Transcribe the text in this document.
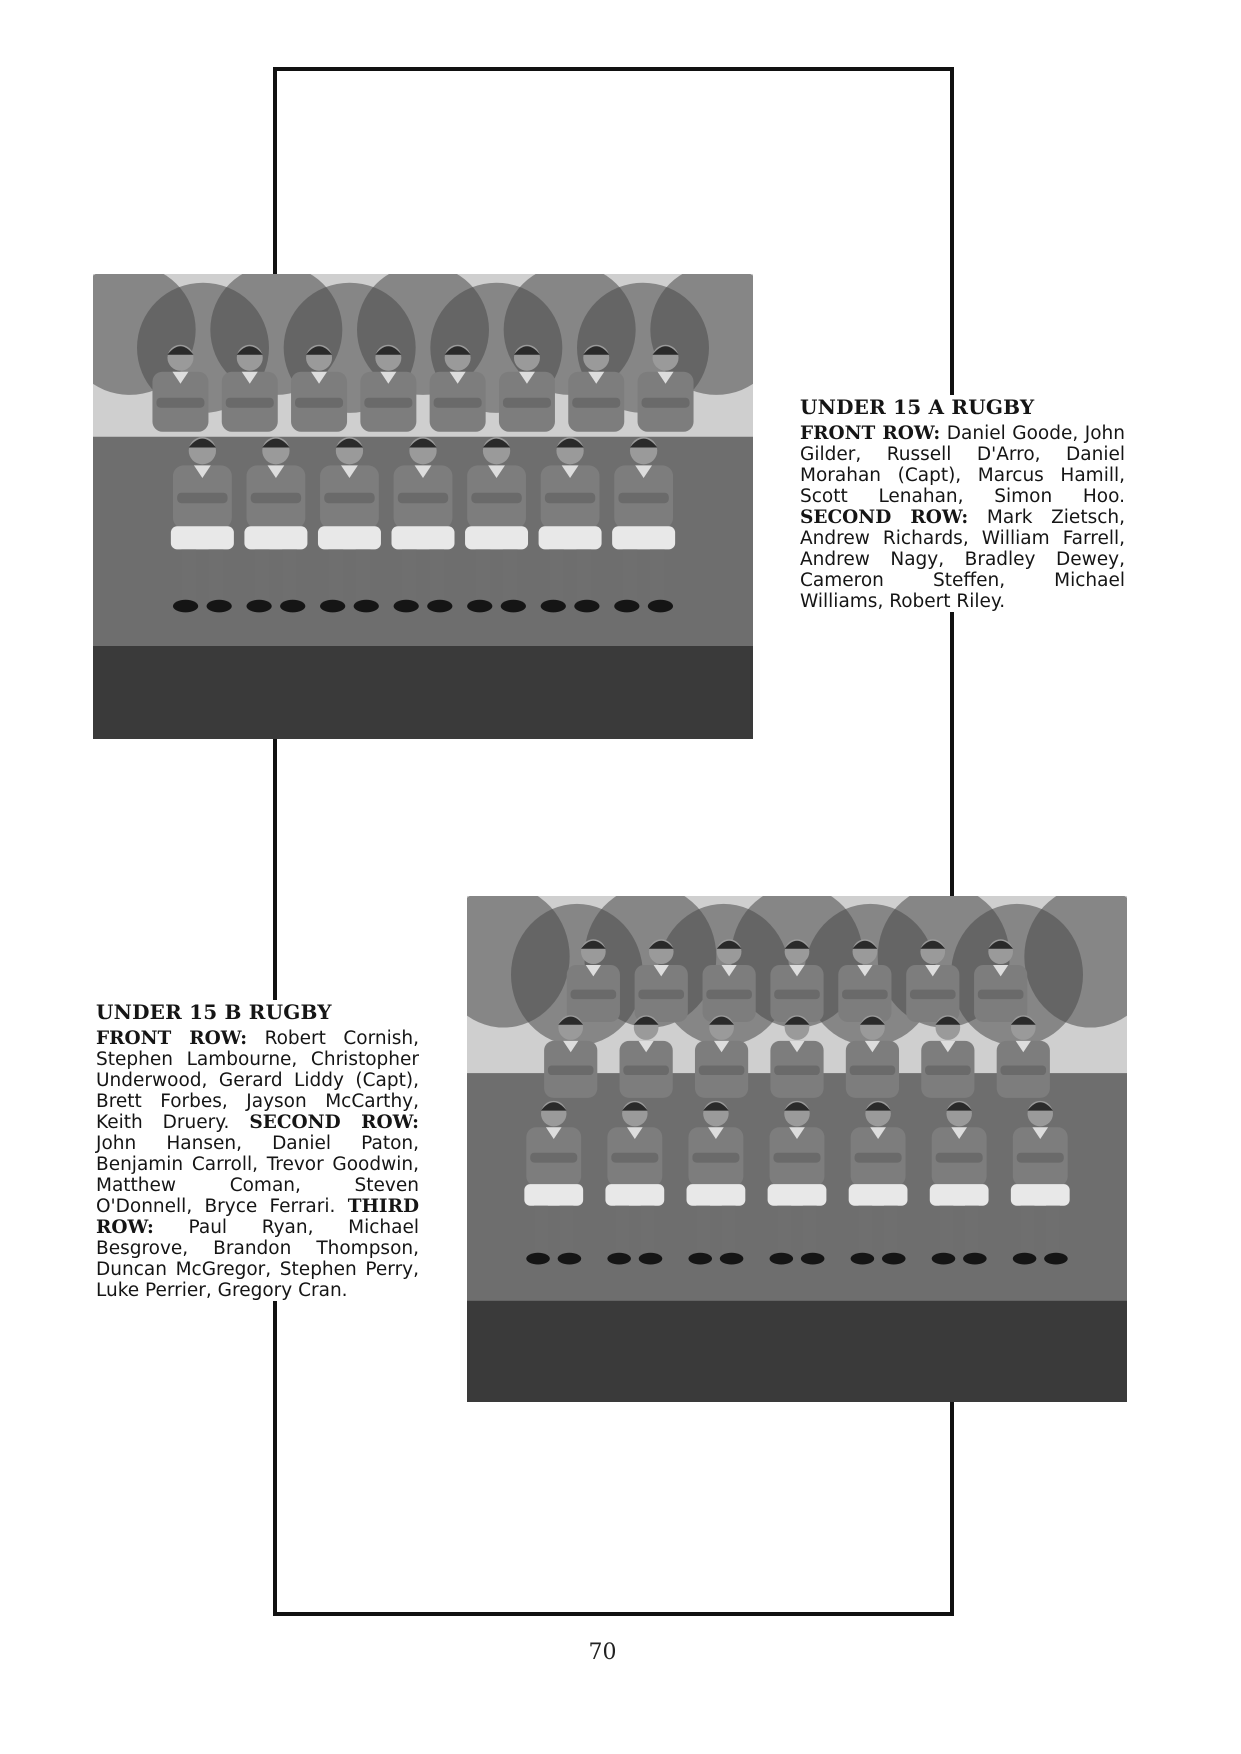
UNDER 15 A RUGBY

FRONT ROW: Daniel Goode, John Gilder, Russell D'Arro, Daniel Morahan (Capt), Marcus Hamill, Scott Lenahan, Simon Hoo. SECOND ROW: Mark Zietsch, Andrew Richards, William Farrell, Andrew Nagy, Bradley Dewey, Cameron Steffen, Michael Williams, Robert Riley.

UNDER 15 B RUGBY

FRONT ROW: Robert Cornish, Stephen Lambourne, Christopher Underwood, Gerard Liddy (Capt), Brett Forbes, Jayson McCarthy, Keith Druery. SECOND ROW: John Hansen, Daniel Paton, Benjamin Carroll, Trevor Goodwin, Matthew Coman, Steven O'Donnell, Bryce Ferrari. THIRD ROW: Paul Ryan, Michael Besgrove, Brandon Thompson, Duncan McGregor, Stephen Perry, Luke Perrier, Gregory Cran.

70
